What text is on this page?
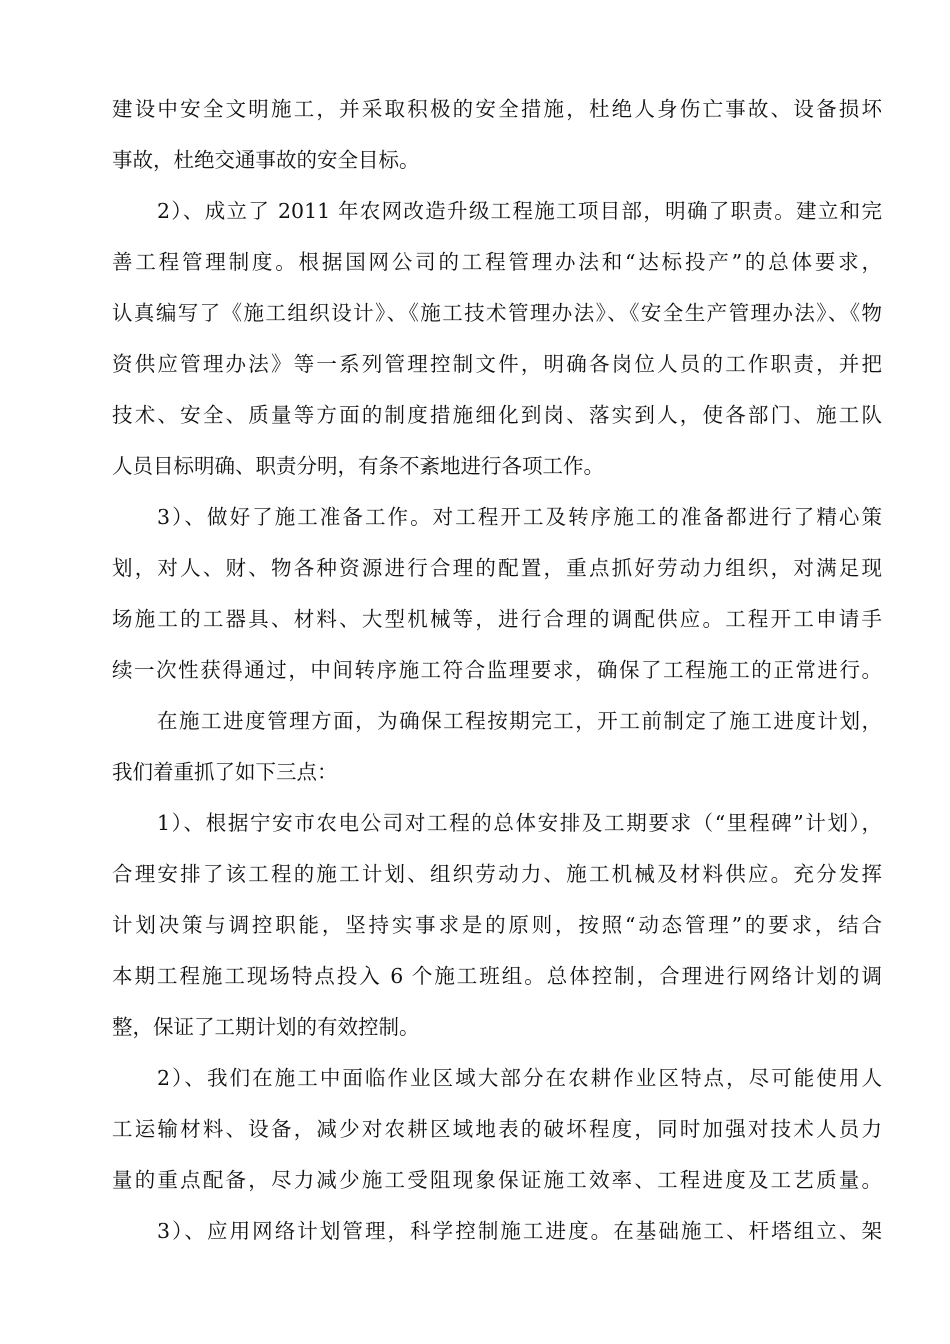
建设中安全文明施工，并采取积极的安全措施，杜绝人身伤亡事故、设备损坏
事故，杜绝交通事故的安全目标。
2）、成立了 2011 年农网改造升级工程施工项目部，明确了职责。建立和完
善工程管理制度。根据国网公司的工程管理办法和“达标投产”的总体要求，
认真编写了《施工组织设计》、《施工技术管理办法》、《安全生产管理办法》、《物
资供应管理办法》等一系列管理控制文件，明确各岗位人员的工作职责，并把
技术、安全、质量等方面的制度措施细化到岗、落实到人，使各部门、施工队
人员目标明确、职责分明，有条不紊地进行各项工作。
3）、做好了施工准备工作。对工程开工及转序施工的准备都进行了精心策
划，对人、财、物各种资源进行合理的配置，重点抓好劳动力组织，对满足现
场施工的工器具、材料、大型机械等，进行合理的调配供应。工程开工申请手
续一次性获得通过，中间转序施工符合监理要求，确保了工程施工的正常进行。
在施工进度管理方面，为确保工程按期完工，开工前制定了施工进度计划，
我们着重抓了如下三点：
1）、根据宁安市农电公司对工程的总体安排及工期要求（“里程碑”计划），
合理安排了该工程的施工计划、组织劳动力、施工机械及材料供应。充分发挥
计划决策与调控职能，坚持实事求是的原则，按照“动态管理”的要求，结合
本期工程施工现场特点投入 6 个施工班组。总体控制，合理进行网络计划的调
整，保证了工期计划的有效控制。
2）、我们在施工中面临作业区域大部分在农耕作业区特点，尽可能使用人
工运输材料、设备，减少对农耕区域地表的破坏程度，同时加强对技术人员力
量的重点配备，尽力减少施工受阻现象保证施工效率、工程进度及工艺质量。
3）、应用网络计划管理，科学控制施工进度。在基础施工、杆塔组立、架
